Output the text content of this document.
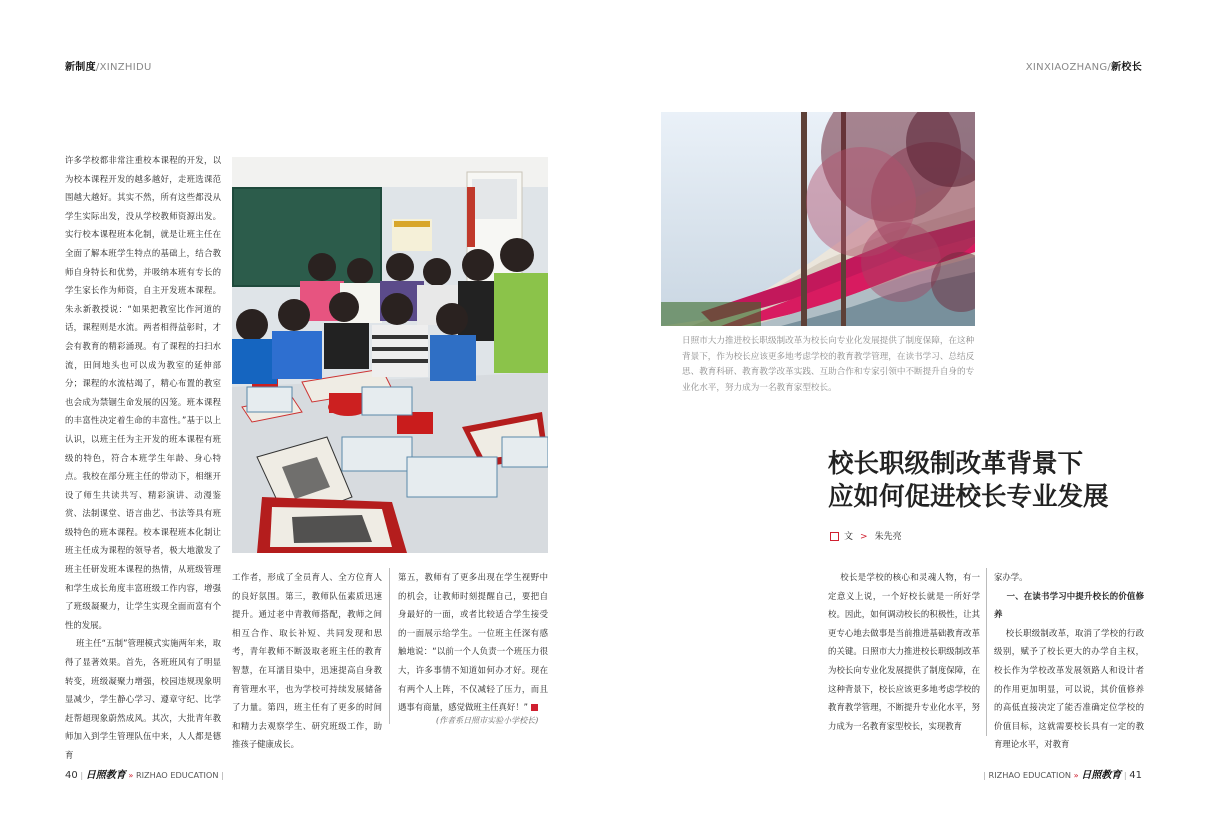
新制度/XINZHIDU	XINXIAOZHANG/新校长
许多学校都非常注重校本课程的开发，以为校本课程开发的越多越好，走班选课范围越大越好。其实不然，所有这些都没从学生实际出发，没从学校教师资源出发。实行校本课程班本化制，就是让班主任在全面了解本班学生特点的基础上，结合教师自身特长和优势，并吸纳本班有专长的学生家长作为师资，自主开发班本课程。朱永新教授说：“如果把教室比作河道的话，课程则是水流。两者相得益彰时，才会有教育的精彩涌现。有了课程的扫扫水流，田间地头也可以成为教室的延伸部分；课程的水流枯竭了，精心布置的教室也会成为禁锢生命发展的囚笼。班本课程的丰富性决定着生命的丰富性。”基于以上认识，以班主任为主开发的班本课程有班级的特色，符合本班学生年龄、身心特点。我校在部分班主任的带动下，相继开设了师生共读共写、精彩演讲、动漫鉴赏、法制课堂、语言曲艺、书法等具有班级特色的班本课程。校本课程班本化制让班主任成为课程的领导者，极大地激发了班主任研发班本课程的热情，从班级管理和学生成长角度丰富班级工作内容，增强了班级凝聚力，让学生实现全面而富有个性的发展。
班主任“五制”管理模式实施两年来，取得了显著效果。首先，各班班风有了明显转变，班级凝聚力增强，校园违规现象明显减少，学生静心学习、遵章守纪、比学赶帮超现象蔚然成风。其次，大批青年教师加入到学生管理队伍中来，人人都是德育
工作者，形成了全员育人、全方位育人的良好氛围。第三，教师队伍素质迅速提升。通过老中青教师搭配，教师之间相互合作、取长补短、共同发现和思考，青年教师不断汲取老班主任的教育智慧，在耳濡目染中，迅速提高自身教育管理水平，也为学校可持续发展储备了力量。第四，班主任有了更多的时间和精力去观察学生、研究班级工作，助推孩子健康成长。
第五，教师有了更多出现在学生视野中的机会，让教师时刻提醒自己，要把自身最好的一面，或者比较适合学生接受的一面展示给学生。一位班主任深有感触地说：“以前一个人负责一个班压力很大，许多事情不知道如何办才好。现在有两个人上阵，不仅减轻了压力，而且遇事有商量，感觉做班主任真好！”
(作者系日照市实验小学校长)
日照市大力推进校长职级制改革为校长向专业化发展提供了制度保障，在这种背景下，作为校长应该更多地考虑学校的教育教学管理，在读书学习、总结反思、教育科研、教育教学改革实践、互助合作和专家引领中不断提升自身的专业化水平，努力成为一名教育家型校长。
校长职级制改革背景下
应如何促进校长专业发展
文 > 朱先亮
校长是学校的核心和灵魂人物，有一定意义上说，一个好校长就是一所好学校。因此，如何调动校长的积极性，让其更专心地去做事是当前推进基础教育改革的关键。日照市大力推进校长职级制改革为校长向专业化发展提供了制度保障，在这种背景下，校长应该更多地考虑学校的教育教学管理，不断提升专业化水平，努力成为一名教育家型校长，实现教育
家办学。
一、在读书学习中提升校长的价值修养
校长职级制改革，取消了学校的行政级别，赋予了校长更大的办学自主权，校长作为学校改革发展领路人和设计者的作用更加明显，可以说，其价值修养的高低直接决定了能否准确定位学校的价值目标，这就需要校长具有一定的教育理论水平，对教育
40 | 日照教育 » RIZHAO EDUCATION |	| RIZHAO EDUCATION » 日照教育 | 41
